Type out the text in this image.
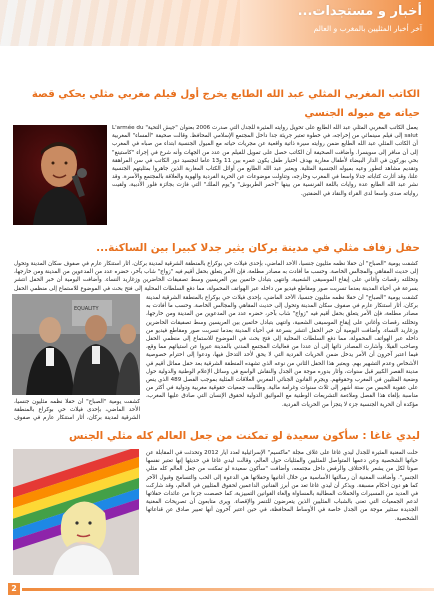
أخبار و مستجدات...
آخر أخبار المثليين بالمغرب و العالم
الكاتب المغربي المثلي عبد الله الطايع يخرج أول فيلم مغربي مثلي يحكي قصة
حياته مع ميوله الجنسي
يعمل الكاتب المغربي المثلي عبد الله الطايع على تحويل روايته المثيرة للجدل التي صدرت 2006 بعنوان "جيش التحية" L'armée du salut إلى فيلم سينمائي من إخراجه، في خطوة تعتبر جريئة جدا داخل المجتمع الإسلامي المحافظ. وقالت صحيفة "المساء" المغربية أن الكاتب المثلي عبد الله الطايع ضمن روايته سيرة ذاتية واقعية عن مجريات حياته مع الميول الجنسية ابتداء من صباه في المغرب إلى أن سافر إلى سويسرا. وأضافت الصحيفة أن الكاتب حصل على تمويل للفيلم من عدد من الجهات وأنه شرع في إجراء "كاستينغ" بحي بوركون في الدار البيضاء لأطفال مغاربة بهدف اختيار طفل يكون عمره بين 11 و13 عاما لتجسيد دور الكاتب في سن المراهقة وتقديم مشاهد لتطور وعيه بميوله الجنسية المثلية. ويعتبر عبد الله الطايع من أوائل الكتاب المغاربة الذين جاهروا بمثليتهم الجنسية علنا، وقد أثارت كتاباته جدلا واسعا في المغرب وخارجه، وتناولت موضوعات عن الحرية الفردية والهوية والعلاقة بالمجتمع والأسرة. وقد نشر عبد الله الطايع عدة روايات باللغة الفرنسية من بينها "أحمر الطربوش" و"يوم الملك" التي فازت بجائزة فلور الأدبية، ولقيت رواياته صدى واسعا لدى القراء والنقاد في الضفتين.
حفل زفاف مثلي في مدينة بركان يثير جدلا كبيرا بين الساكنة...
كشفت يومية "الصباح" أن حفلا نظمه مثليون جنسيا، الأحد الماضي، بإحدى فيلات حي بوكراع بالمنطقة الشرقية لمدينة بركان، أثار استنكار عارم في صفوف سكان المدينة وتحول إلى حديث المقاهي والمجالس الخاصة. وحسب ما أفادت به مصادر مطلعة، فإن الأمر يتعلق بحفل أقيم فيه "زواج" شاب بآخر، حضره عدد من المدعوين من المدينة ومن خارجها، وتخللته رقصات وأغاني على إيقاع الموسيقى الشعبية، وانتهى بتبادل خاتمين بين العريسين وسط تصفيقات الحاضرين وزغاريد النساء. وأضافت اليومية أن خبر الحفل انتشر بسرعة في أحياء المدينة بعدما تسربت صور ومقاطع فيديو من داخله عبر الهواتف المحمولة، مما دفع السلطات المحلية إلى فتح بحث في الموضوع للاستماع إلى منظمي الحفل
EQUALITY
كشفت يومية "الصباح" أن حفلا نظمه مثليون جنسيا، الأحد الماضي، بإحدى فيلات حي بوكراع بالمنطقة الشرقية لمدينة بركان، أثار استنكار عارم في صفوف سكان المدينة وتحول إلى حديث المقاهي والمجالس الخاصة. وحسب ما أفادت به مصادر مطلعة، فإن الأمر يتعلق بحفل أقيم فيه "زواج" شاب بآخر، حضره عدد من المدعوين من المدينة ومن خارجها، وتخللته رقصات وأغاني على إيقاع الموسيقى الشعبية، وانتهى بتبادل خاتمين بين العريسين وسط تصفيقات الحاضرين وزغاريد النساء. وأضافت اليومية أن خبر الحفل انتشر بسرعة في أحياء المدينة بعدما تسربت صور ومقاطع فيديو من داخله عبر الهواتف المحمولة، مما دفع السلطات المحلية إلى فتح بحث في الموضوع للاستماع إلى منظمي الحفل وصاحب الفيلا. وأشارت المصادر ذاتها إلى أن عددا من فعاليات المجتمع المدني بالمدينة عبروا عن استيائهم مما وقع، فيما اعتبر آخرون أن الأمر يدخل ضمن الحريات الفردية التي لا يحق لأحد التدخل فيها، ودعوا إلى احترام خصوصية الأشخاص وعدم التشهير بهم. ويعتبر هذا الحفل الثاني من نوعه الذي تشهده المنطقة الشرقية بعد حفل مماثل أقيم في مدينة القصر الكبير قبل سنوات، وأثار بدوره موجة من الجدل والنقاش الواسع في وسائل الإعلام الوطنية والدولية حول وضعية المثليين في المغرب وحقوقهم. ويجرم القانون الجنائي المغربي العلاقات المثلية بموجب الفصل 489 الذي ينص على عقوبة الحبس من ستة أشهر إلى ثلاث سنوات وغرامة مالية. وطالبت جمعيات حقوقية مغربية ودولية في أكثر من مناسبة بإلغاء هذا الفصل وملاءمة التشريعات الوطنية مع المواثيق الدولية لحقوق الإنسان التي صادق عليها المغرب، مؤكدة أن الحرية الجنسية جزء لا يتجزأ من الحريات الفردية.
كشفت يومية "الصباح" أن حفلا نظمه مثليون جنسيا، الأحد الماضي، بإحدى فيلات حي بوكراع بالمنطقة الشرقية لمدينة بركان، أثار استنكار عارم في صفوف
ليدي غاغا : سأكون سعيدة لو تمكنت من جعل العالم كله مثلي الجنس
حلت المغنية المثيرة للجدل ليدي غاغا على غلاف مجلة "ماكسيم" الإسرائيلية لعدد أيار 2012 وتحدثت في المقابلة عن حياتها الشخصية وعن دعمها المتواصل للمثليين والمثليات حول العالم، وقالت ليدي غاغا في حديثها إنها تعتبر نفسها صوتا لكل من يشعر بالاختلاف والرفض داخل مجتمعه، وأضافت "سأكون سعيدة لو تمكنت من جعل العالم كله مثلي الجنس". وأضافت المغنية أن رسالتها الأساسية من خلال أغانيها وحفلاتها هي الدعوة إلى الحب والتسامح وقبول الآخر كما هو دون أحكام مسبقة. ويذكر أن ليدي غاغا تعد من أبرز الفنانين الداعمين لحقوق المثليين في العالم، وقد شاركت في العديد من المسيرات والحملات المطالبة بالمساواة وإلغاء القوانين التمييزية، كما خصصت جزءا من عائدات حفلاتها لدعم الجمعيات التي تعنى بالشباب المثليين الذين يتعرضون للتنمر والإقصاء. ويرى متابعون أن تصريحات المغنية الجديدة ستثير موجة من الجدل خاصة في الأوساط المحافظة، في حين اعتبر آخرون أنها تعبير صادق عن قناعاتها الشخصية.
2
